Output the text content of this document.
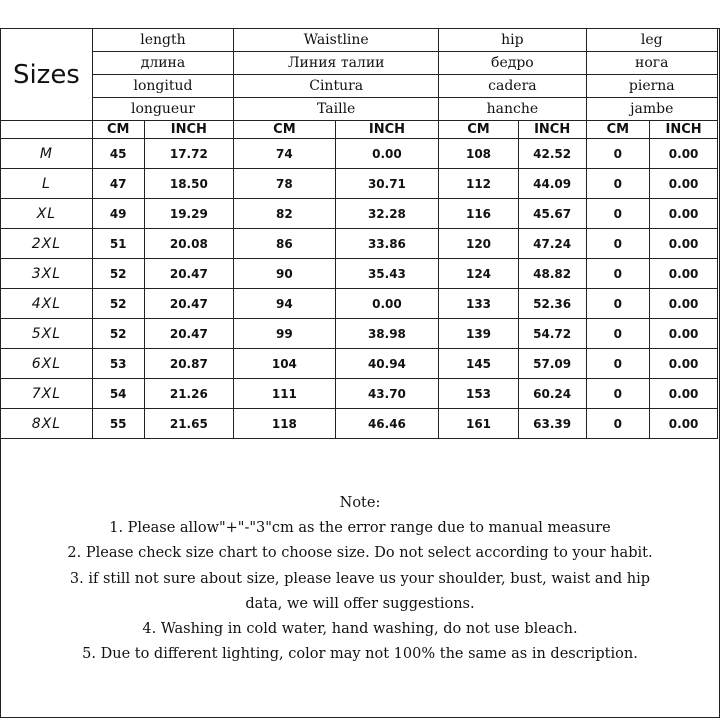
Sizes	length		Waistline		hip		leg	
	длина		Линия талии		бедро		нога	
	longitud		Cintura		cadera		pierna	
	longueur		Taille		hanche		jambe	
	CM	INCH	CM	INCH	CM	INCH	CM	INCH
M	45	17.72	74	0.00	108	42.52	0	0.00
L	47	18.50	78	30.71	112	44.09	0	0.00
XL	49	19.29	82	32.28	116	45.67	0	0.00
2XL	51	20.08	86	33.86	120	47.24	0	0.00
3XL	52	20.47	90	35.43	124	48.82	0	0.00
4XL	52	20.47	94	0.00	133	52.36	0	0.00
5XL	52	20.47	99	38.98	139	54.72	0	0.00
6XL	53	20.87	104	40.94	145	57.09	0	0.00
7XL	54	21.26	111	43.70	153	60.24	0	0.00
8XL	55	21.65	118	46.46	161	63.39	0	0.00

Note:

1. Please allow"+"-"3"cm as the error range due to manual measure

2. Please check size chart to choose size. Do not select according to your habit.

3. if still not sure about size, please leave us your shoulder, bust, waist and hip

data, we will offer suggestions.

4. Washing in cold water, hand washing, do not use bleach.

5. Due to different lighting, color may not 100% the same as in description.
